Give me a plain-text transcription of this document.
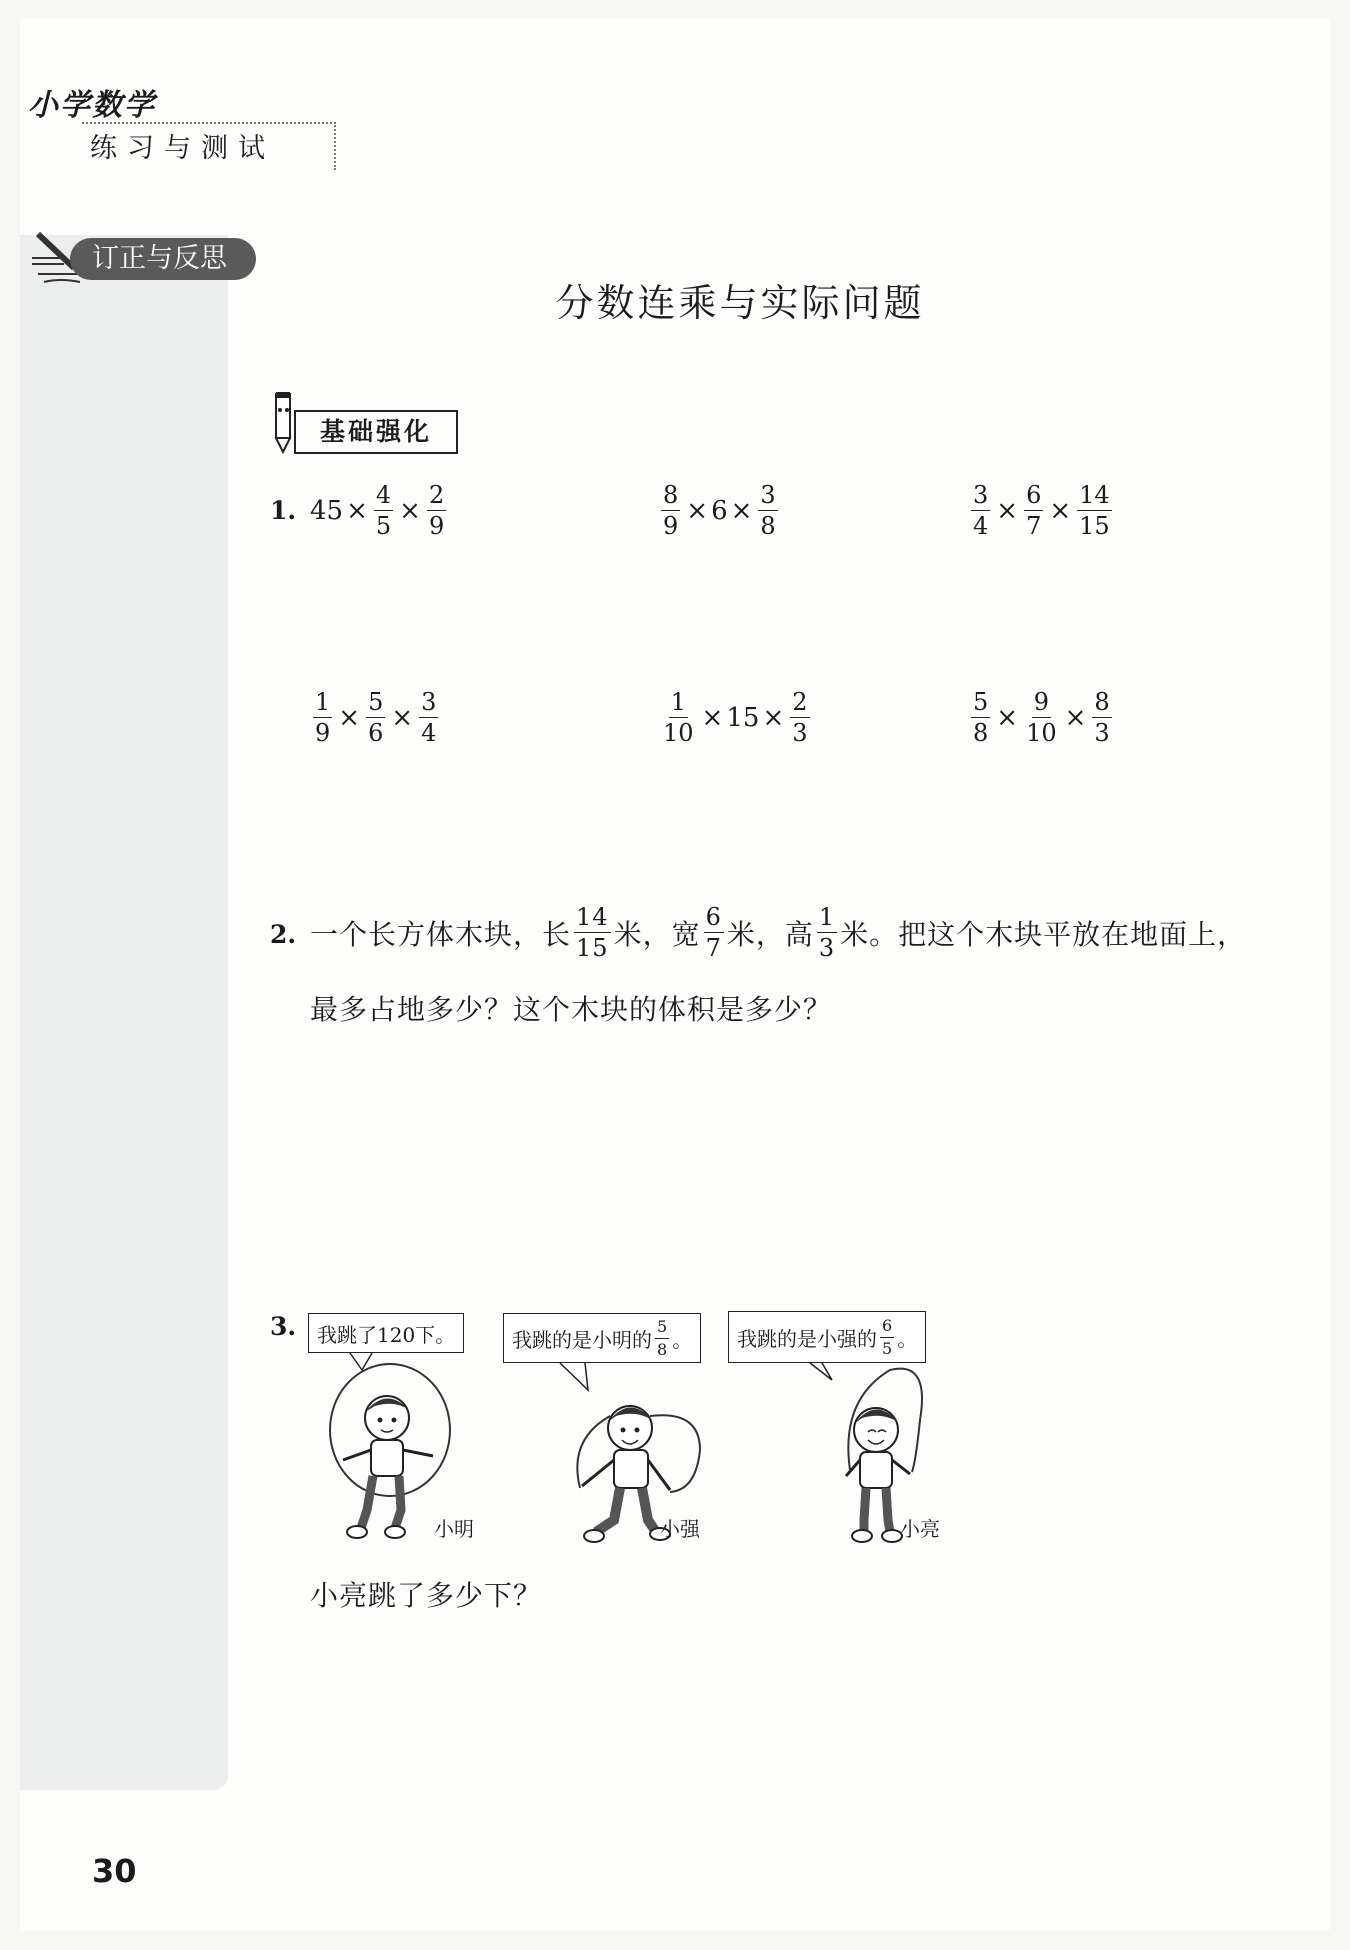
小学数学
练习与测试
订正与反思
分数连乘与实际问题
基础强化
1. $45 \times \frac{4}{5} \times \frac{2}{9}$	$\frac{8}{9} \times 6 \times \frac{3}{8}$	$\frac{3}{4} \times \frac{6}{7} \times \frac{14}{15}$
$\frac{1}{9} \times \frac{5}{6} \times \frac{3}{4}$	$\frac{1}{10} \times 15 \times \frac{2}{3}$	$\frac{5}{8} \times \frac{9}{10} \times \frac{8}{3}$
2. 一个长方体木块，长 $\frac{14}{15}$ 米，宽 $\frac{6}{7}$ 米，高 $\frac{1}{3}$ 米。把这个木块平放在地面上，
最多占地多少？这个木块的体积是多少？
3. 我跳了120下。	我跳的是小明的 $\frac{5}{8}$ 。 我跳的是小强的 $\frac{6}{5}$ 。
小明	小强	小亮
小亮跳了多少下？
30
